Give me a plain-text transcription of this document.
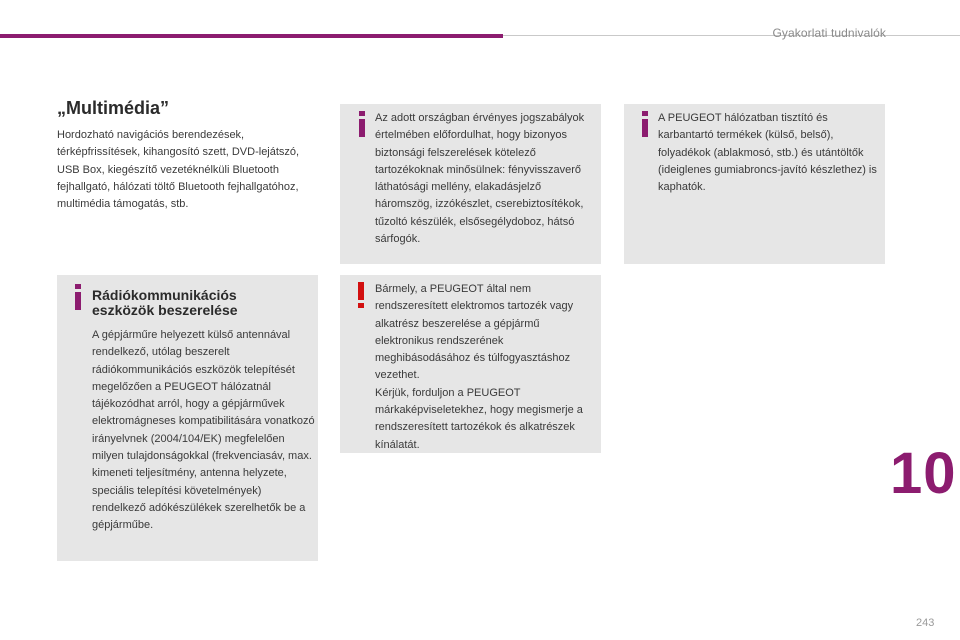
Gyakorlati tudnivalók
„Multimédia”

Hordozható navigációs berendezések, térképfrissítések, kihangosító szett, DVD-lejátszó, USB Box, kiegészítő vezetéknélküli Bluetooth fejhallgató, hálózati töltő Bluetooth fejhallgatóhoz, multimédia támogatás, stb.

Az adott országban érvényes jogszabályok értelmében előfordulhat, hogy bizonyos biztonsági felszerelések kötelező tartozékoknak minősülnek: fényvisszaverő láthatósági mellény, elakadásjelző háromszög, izzókészlet, cserebiztosítékok, tűzoltó készülék, elsősegélydoboz, hátsó sárfogók.

A PEUGEOT hálózatban tisztító és karbantartó termékek (külső, belső), folyadékok (ablakmosó, stb.) és utántöltők (ideiglenes gumiabroncs-javító készlethez) is kaphatók.

Bármely, a PEUGEOT által nem rendszeresített elektromos tartozék vagy alkatrész beszerelése a gépjármű elektronikus rendszerének meghibásodásához és túlfogyasztáshoz vezethet.
Kérjük, forduljon a PEUGEOT márkaképviseletekhez, hogy megismerje a rendszeresített tartozékok és alkatrészek kínálatát.

Rádiókommunikációs eszközök beszerelése

A gépjárműre helyezett külső antennával rendelkező, utólag beszerelt rádiókommunikációs eszközök telepítését megelőzően a PEUGEOT hálózatnál tájékozódhat arról, hogy a gépjárművek elektromágneses kompatibilitására vonatkozó irányelvnek (2004/104/EK) megfelelően milyen tulajdonságokkal (frekvenciasáv, max. kimeneti teljesítmény, antenna helyzete, speciális telepítési követelmények) rendelkező adókészülékek szerelhetők be a gépjárműbe.

10
243
